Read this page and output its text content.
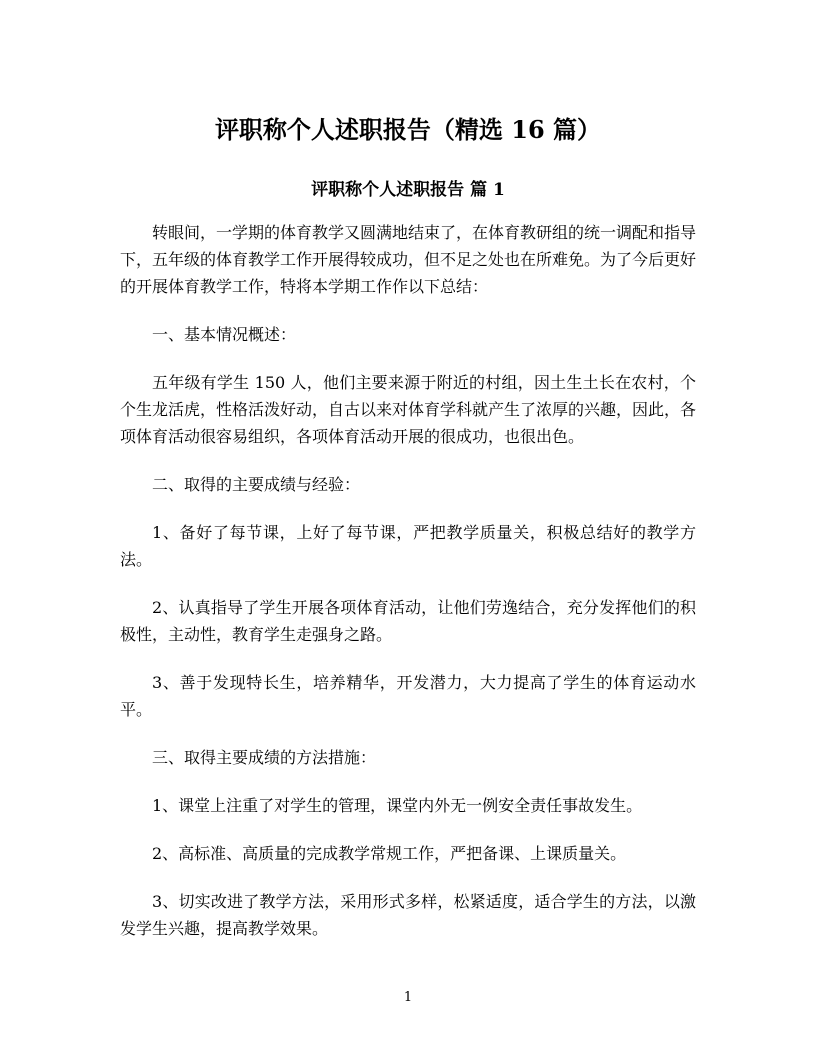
评职称个人述职报告（精选 16 篇）
评职称个人述职报告 篇 1

转眼间，一学期的体育教学又圆满地结束了，在体育教研组的统一调配和指导下，五年级的体育教学工作开展得较成功，但不足之处也在所难免。为了今后更好的开展体育教学工作，特将本学期工作作以下总结：

一、基本情况概述：

五年级有学生 150 人，他们主要来源于附近的村组，因土生土长在农村，个个生龙活虎，性格活泼好动，自古以来对体育学科就产生了浓厚的兴趣，因此，各项体育活动很容易组织，各项体育活动开展的很成功，也很出色。

二、取得的主要成绩与经验：

1、备好了每节课，上好了每节课，严把教学质量关，积极总结好的教学方法。

2、认真指导了学生开展各项体育活动，让他们劳逸结合，充分发挥他们的积极性，主动性，教育学生走强身之路。

3、善于发现特长生，培养精华，开发潜力，大力提高了学生的体育运动水平。

三、取得主要成绩的方法措施：

1、课堂上注重了对学生的管理，课堂内外无一例安全责任事故发生。

2、高标准、高质量的完成教学常规工作，严把备课、上课质量关。

3、切实改进了教学方法，采用形式多样，松紧适度，适合学生的方法，以激发学生兴趣，提高教学效果。

1
